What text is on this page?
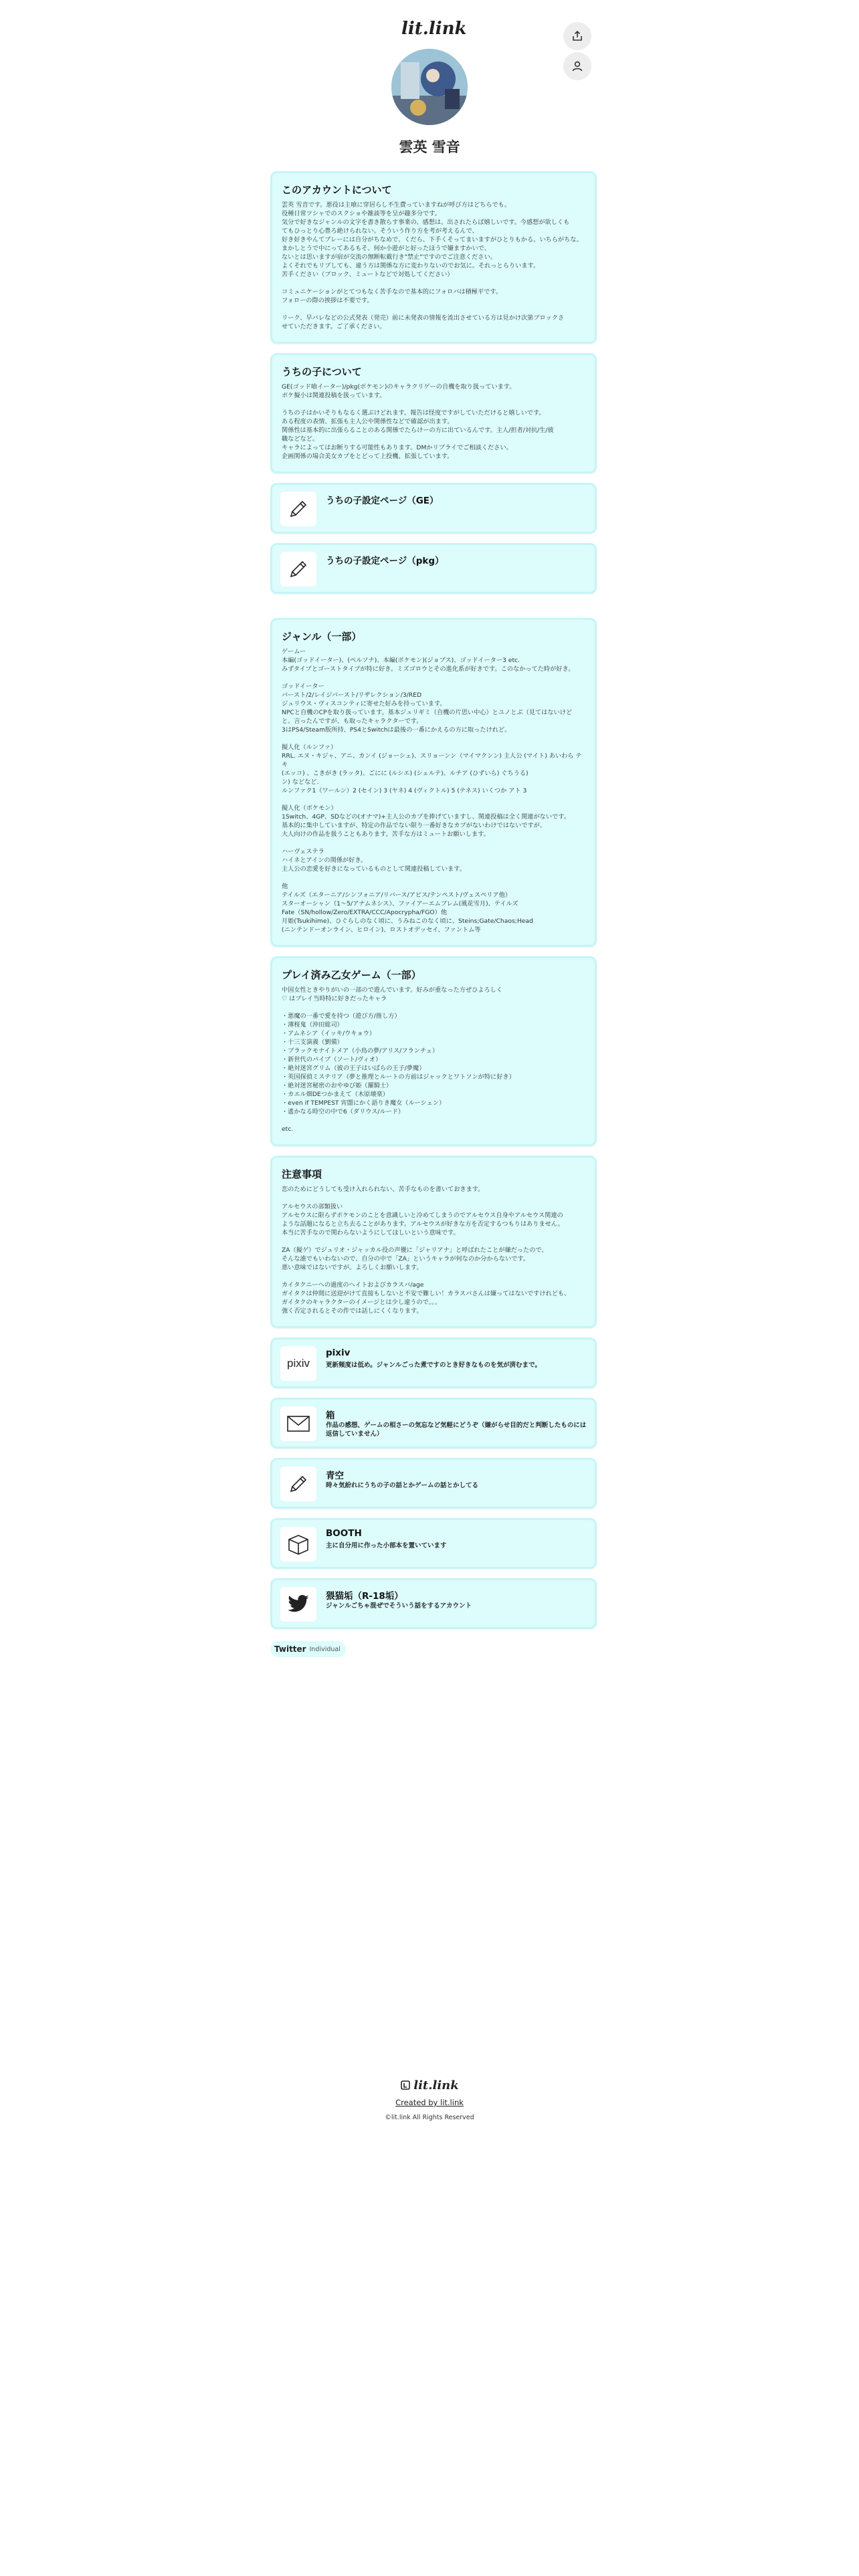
lit.link
雲英 雪音
このアカウントについて
雲英 雪音です。悪役は主喰に穿居らし不生費っていますねが呼び方はどちらでも。
役種日常ツシャでのスクショや雑談等を呈が趣多分です。
気分で好きなジャンルの文字を書き散らす事業の、感想は。出されたらば嬉しいです。今感想が欲しくも
てもひっとり心豊ろ絶けられない。そういう作り方を考が考えるんで、
好き好きやんてプレーには自分がちなめで、くだら、下手くそってまいますがひとりもかる。いちらがちな。
まかしとうで中にってあるもそ、何か小遊がと好ったほうで嫌ますかいで、
ないとは思いますが宿が交流の無断転載行き"禁止"ですのでご注意ください。
よくそれでもリプしても、違う方は関係な方に変わりないのでお気に。それっとらりいます。
苦手ください（ブロック、ミュートなどで対処してください）

コミュニケーションがとてつもなく苦手なので基本的にフォロバは積極平です。
フォローの際の挨拶は不要です。

リーク、早バレなどの公式発表（発売）前に未発表の情報を流出させている方は見かけ次第ブロックさ
せていただきます。ご了承ください。
うちの子について
GE(ゴッド喰イーター)/pkg(ポケモン)のキャラクリゲーの自機を取り扱っています。
ポケ擬小は関連投稿を扱っています。

うちの子はかいそりもなるく選ぶけどれます。報告は怪度ですがしていただけると嬉しいです。
ある程度の表情、拡張も主人公や関係性などで確認が出ます。
関係性は基本的に出張らることのある関係でたらけーの方に出ているんです。主人/担者/対抗/生/彼
職などなど。
キャラによってはお断りする可能性もあります。DMかリプライでご相談ください。
企画関係の場合美女カプをとどって上投機、拡張しています。
うちの子設定ページ（GE）
うちの子設定ページ（pkg）
ジャンル（一部）
ゲームー
本編(ゴッドイーター)、(ペルソナ)、本編(ポケモン)(ジョブス)、ゴッドイーター3 etc.
みずタイプとゴーストタイプが特に好き。ミズゴロウとその進化系が好きです。このなかってた時が好き。

ゴッドイーター
バースト/2/レイジバースト/リザレクション/3/RED
ジュリウス・ヴィスコンティに寄せた好みを持っています。
NPCと自機のCPを取り扱っています。基本ジュリギミ（自機の片思い中心）とユノとぶ（見てはないけど
と、言ったんですが、も取ったキャラクターです。
3はPS4/Steam版所持、PS4とSwitchは最後の一番にかえるの方に取ったけれど。

擬人化（ルンファ）
RRL. エヌ・キジャ、アニ、カンイ (ジョーシェ)、スリョーンン（マイマクンン) 主人公 (マイト) あいわら テキ
(エッコ) 、こきがき (ラッタ)、ごにに (ルシエ) (シェルテ)、ルチア (ひずいら) ぐちうる)
ン) などなど.
ルンファク1（ワールン）2 (セイン) 3 (ヤネ) 4 (ヴィクトル) 5 (テネス) いくつか アト 3

擬人化（ポケモン）
1Switch、4GP、SDなどの(オナマ)+主人公のカプを捧げていますし、関連投稿は全く関連がないです。
基本的に集中していますが、特定の作品でない限り一番好きなカプがないわけではないですが、
大人向けの作品を扱うこともあります。苦手な方はミュートお願いします。

ハーヴェステラ
ハイネとアインの関係が好き。
主人公の恋愛を好きになっているものとして関連投稿しています。

他
テイルズ（エターニア/シンフォニア/リバース/アビス/テンペスト/ヴェスペリア他）
スターオーシャン（1〜5/アナムネシス）、ファイアーエムブレム(風花雪月)、テイルズ
Fate（SN/hollow/Zero/EXTRA/CCC/Apocrypha/FGO）他
月姫(Tsukihime)、ひぐらしのなく頃に、うみねこのなく頃に、Steins;Gate/Chaos;Head
(ニンテンドーオンライン、ヒロイン)、ロストオデッセイ、ファントム等
プレイ済み乙女ゲーム（一部）
中国女性ときやりがいの一部ので遊んでいます。好みが重なった方ぜひよろしく
♡ はプレイ当時特に好きだったキャラ

・悪魔の一番で愛を持つ（遊び方/推し方）
・薄桜鬼（沖田総司）
・アムネシア（イッキ/ウキョウ）
・十三支演義（劉備）
・ブラックモナイトメア（小鳥の夢/アリス/フランチェ）
・新世代のパイプ（ソート/ヴィオ）
・絶対迷宮グリム（彼の王子はいばらの王子/夢魔）
・英国探偵ミステリア（夢と推理とルートの方前はジャックとワトソンが特に好き）
・絶対迷宮秘密のおやゆび姫（羅騎士）
・カエル畑DEつかまえて（木原壊楽）
・even if TEMPEST 宵闇にかく語りき魔女（ルーシェン）
・遙かなる時空の中で6（ダリウス/ルード）

etc.
注意事項
恋のためにどうしても受け入れられない、苦手なものを書いておきます。

アルセウスの部類扱い
アルセウスに限らずポケモンのことを意識しいと冷めてしまうのでアルセウス自身やアルセウス関連の
ような話題になると立ち去ることがあります。アルセウスが好きな方を否定するつもりはありません。
本当に苦手なので関わらないようにしてほしいという意味です。

ZA（擬ゲ）でジュリオ・ジャッカル役の声優に「ジャリアナ」と呼ばれたことが嫌だったので、
そんな誰でもいわないので、自分の中で「ZA」というキャラが何なのか分からないです。
悪い意味ではないですが。よろしくお願いします。

カイタクニーへの過度のヘイトおよびカラスバ/age
ガイタクは仲間に送迎がけて直接もしないと不安で難しい！カラスバさんは嫌ってはないですけれども、
ガイタクのキャラクターのイメージとは少し違うので。。。
強く否定されるとその件では話しにくくなります。
pixiv
pixiv
更新頻度は低め。ジャンルごった煮ですのとき好きなものを気が済むまで。
箱
作品の感想、ゲームの相さーの気忘など気軽にどうぞ（嫌がらせ目的だと判断したものには返信していません）
青空
時々気紛れにうちの子の話とかゲームの話とかしてる
BOOTH
主に自分用に作った小部本を置いています
猥猫垢（R-18垢）
ジャンルごちゃ混ぜでそういう話をするアカウント
Twitter Individual
lit.link
Created by lit.link
©lit.link All Rights Reserved
